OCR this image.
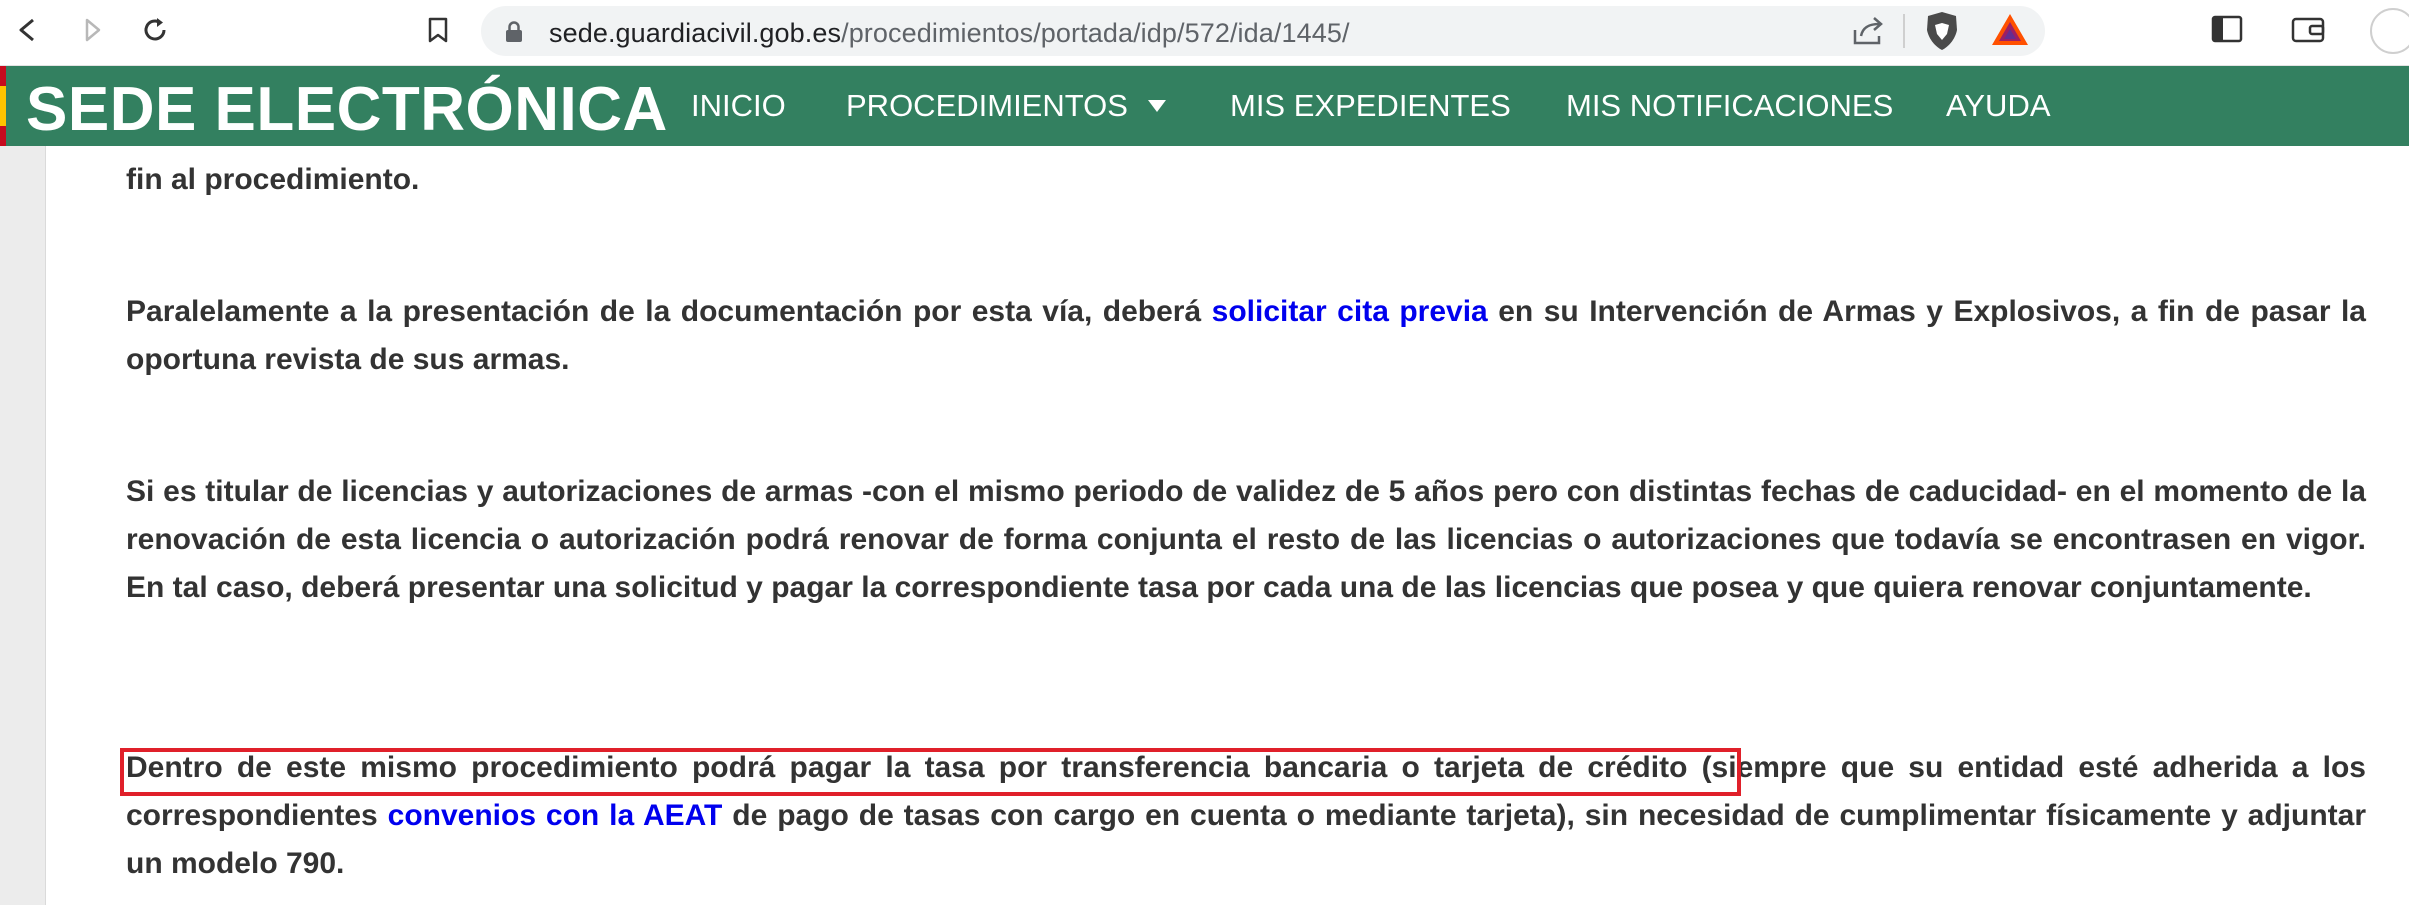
sede.guardiacivil.gob.es/procedimientos/portada/idp/572/ida/1445/
SEDE ELECTRÓNICA INICIO PROCEDIMIENTOS	MIS EXPEDIENTES MIS NOTIFICACIONES AYUDA

fin al procedimiento.

Paralelamente a la presentación de la documentación por esta vía, deberá solicitar cita previa en su Intervención de Armas y Explosivos, a fin de pasar la oportuna revista de sus armas.

Si es titular de licencias y autorizaciones de armas -con el mismo periodo de validez de 5 años pero con distintas fechas de caducidad- en el momento de la renovación de esta licencia o autorización podrá renovar de forma conjunta el resto de las licencias o autorizaciones que todavía se encontrasen en vigor. En tal caso, deberá presentar una solicitud y pagar la correspondiente tasa por cada una de las licencias que posea y que quiera renovar conjuntamente.

Dentro de este mismo procedimiento podrá pagar la tasa por transferencia bancaria o tarjeta de crédito (siempre que su entidad esté adherida a los correspondientes convenios con la AEAT de pago de tasas con cargo en cuenta o mediante tarjeta), sin necesidad de cumplimentar físicamente y adjuntar un modelo 790.
